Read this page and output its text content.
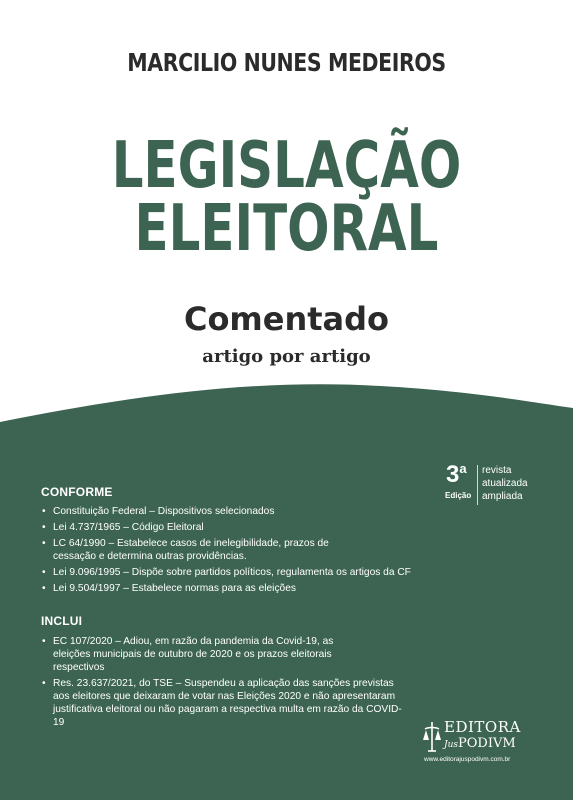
MARCILIO NUNES MEDEIROS
LEGISLAÇÃO
ELEITORAL
Comentado
artigo por artigo
3$^a$
Edição
revista
atualizada
ampliada
CONFORME
• Constituição Federal – Dispositivos selecionados
• Lei 4.737/1965 – Código Eleitoral
• LC 64/1990 – Estabelece casos de inelegibilidade, prazos de cessação e determina outras providências.
• Lei 9.096/1995 – Dispõe sobre partidos políticos, regulamenta os artigos da CF
• Lei 9.504/1997 – Estabelece normas para as eleições
INCLUI
• EC 107/2020 – Adiou, em razão da pandemia da Covid-19, as eleições municipais de outubro de 2020 e os prazos eleitorais respectivos
• Res. 23.637/2021, do TSE – Suspendeu a aplicação das sanções previstas aos eleitores que deixaram de votar nas Eleições 2020 e não apresentaram justificativa eleitoral ou não pagaram a respectiva multa em razão da COVID-19	EDITORA
JusPODIVM
www.editorajuspodivm.com.br
